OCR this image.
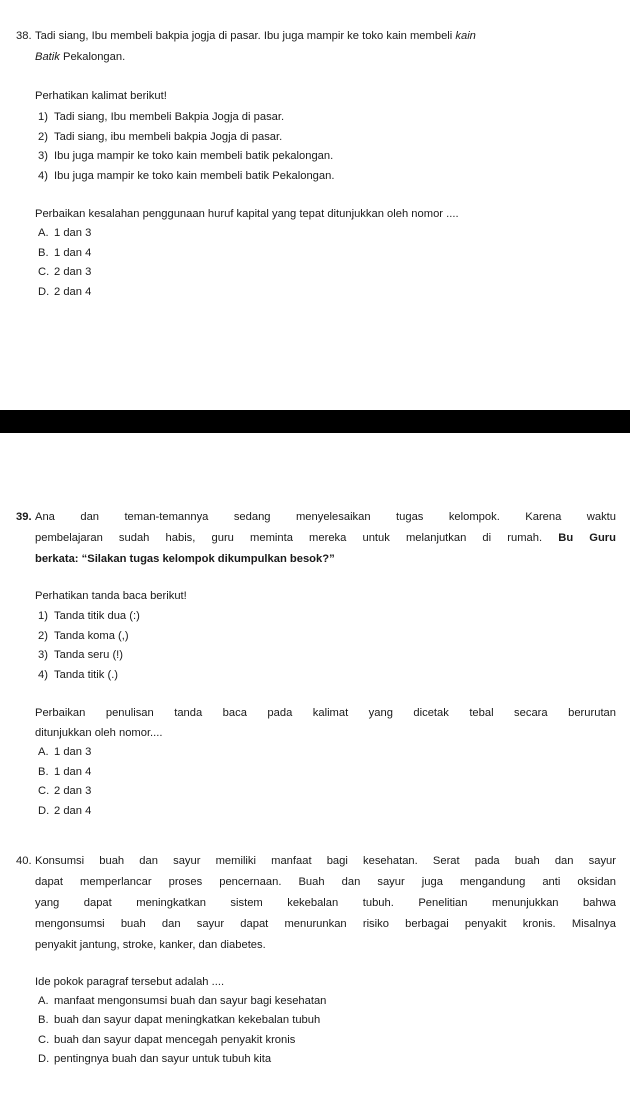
38. Tadi siang, Ibu membeli bakpia jogja di pasar. Ibu juga mampir ke toko kain membeli kain
Batik Pekalongan.
Perhatikan kalimat berikut!
1) Tadi siang, Ibu membeli Bakpia Jogja di pasar.
2) Tadi siang, ibu membeli bakpia Jogja di pasar.
3) Ibu juga mampir ke toko kain membeli batik pekalongan.
4) Ibu juga mampir ke toko kain membeli batik Pekalongan.
Perbaikan kesalahan penggunaan huruf kapital yang tepat ditunjukkan oleh nomor ....
A. 1 dan 3
B. 1 dan 4
C. 2 dan 3
D. 2 dan 4
39. Ana dan teman-temannya sedang menyelesaikan tugas kelompok. Karena waktu
pembelajaran sudah habis, guru meminta mereka untuk melanjutkan di rumah. Bu Guru
berkata: “Silakan tugas kelompok dikumpulkan besok?”
Perhatikan tanda baca berikut!
1) Tanda titik dua (:)
2) Tanda koma (,)
3) Tanda seru (!)
4) Tanda titik (.)
Perbaikan penulisan tanda baca pada kalimat yang dicetak tebal secara berurutan
ditunjukkan oleh nomor....
A. 1 dan 3
B. 1 dan 4
C. 2 dan 3
D. 2 dan 4
40. Konsumsi buah dan sayur memiliki manfaat bagi kesehatan. Serat pada buah dan sayur
dapat memperlancar proses pencernaan. Buah dan sayur juga mengandung anti oksidan
yang dapat meningkatkan sistem kekebalan tubuh. Penelitian menunjukkan bahwa
mengonsumsi buah dan sayur dapat menurunkan risiko berbagai penyakit kronis. Misalnya
penyakit jantung, stroke, kanker, dan diabetes.
Ide pokok paragraf tersebut adalah ....
A. manfaat mengonsumsi buah dan sayur bagi kesehatan
B. buah dan sayur dapat meningkatkan kekebalan tubuh
C. buah dan sayur dapat mencegah penyakit kronis
D. pentingnya buah dan sayur untuk tubuh kita
